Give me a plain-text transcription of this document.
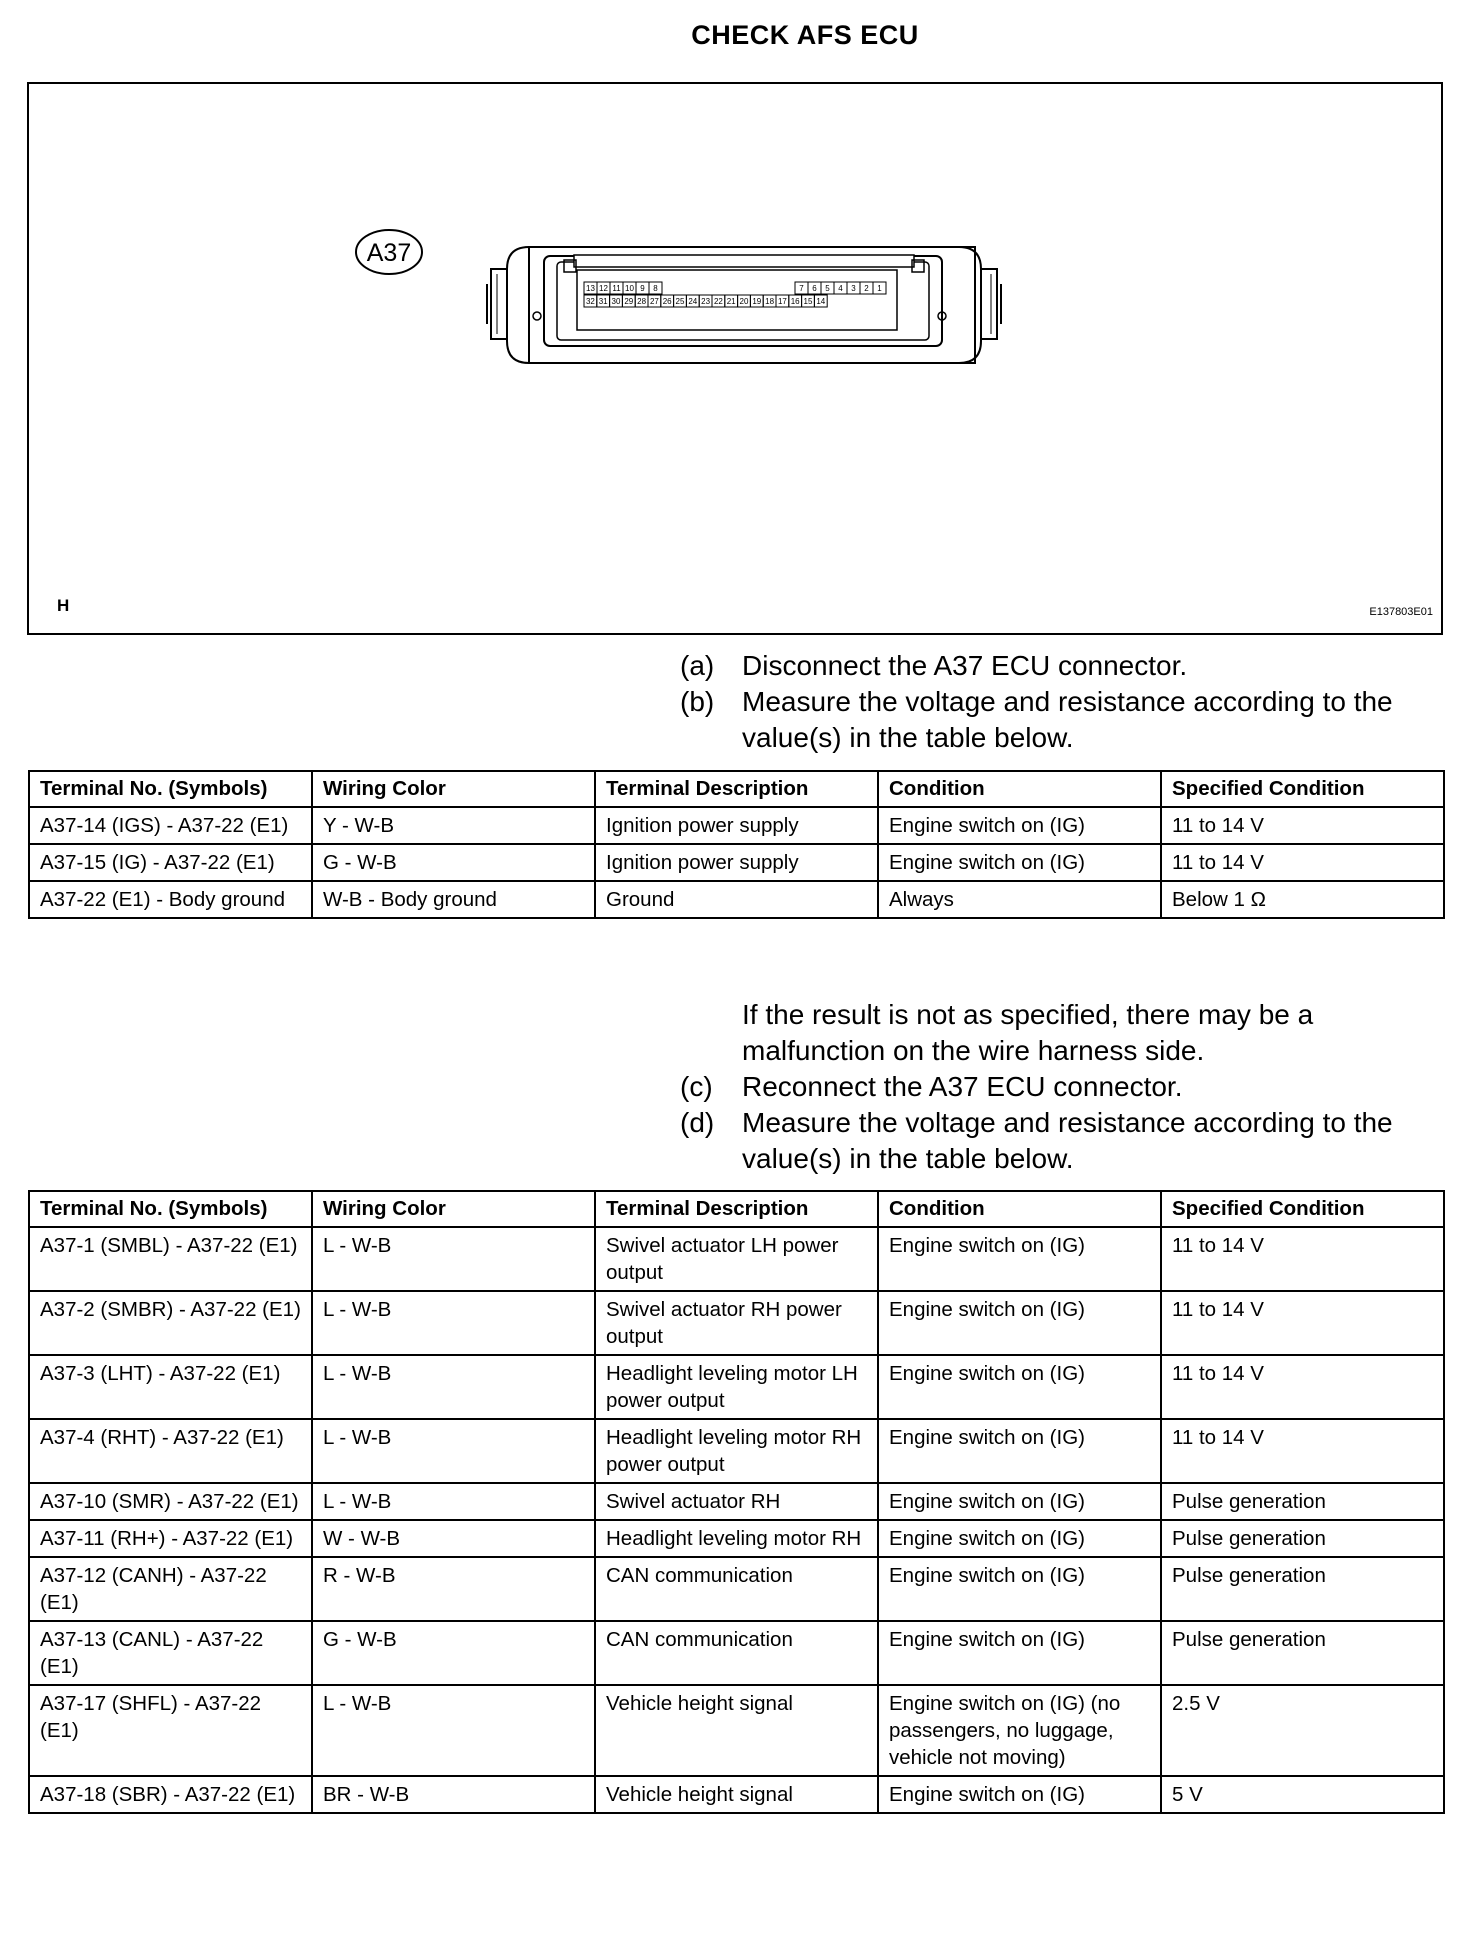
CHECK AFS ECU
A37
13 12 11 10 9 8	7 6 5 4 3 2 1
32 31 30 29 28 27 26 25 24 23 22 21 20 19 18 17 16 15 14
H	E137803E01
(a) Disconnect the A37 ECU connector.
(b) Measure the voltage and resistance according to the value(s) in the table below.
Terminal No. (Symbols)	Wiring Color	Terminal Description	Condition	Specified Condition
A37-14 (IGS) - A37-22 (E1)	Y - W-B	Ignition power supply	Engine switch on (IG)	11 to 14 V
A37-15 (IG) - A37-22 (E1)	G - W-B	Ignition power supply	Engine switch on (IG)	11 to 14 V
A37-22 (E1) - Body ground	W-B - Body ground	Ground	Always	Below 1 Ω
If the result is not as specified, there may be a malfunction on the wire harness side.
(c)	Reconnect the A37 ECU connector.
(d) Measure the voltage and resistance according to the value(s) in the table below.
Terminal No. (Symbols)	Wiring Color	Terminal Description	Condition	Specified Condition
A37-1 (SMBL) - A37-22 (E1)	L - W-B	Swivel actuator LH power output	Engine switch on (IG)	11 to 14 V
A37-2 (SMBR) - A37-22 (E1)	L - W-B	Swivel actuator RH power output	Engine switch on (IG)	11 to 14 V
A37-3 (LHT) - A37-22 (E1)	L - W-B	Headlight leveling motor LH power output	Engine switch on (IG)	11 to 14 V
A37-4 (RHT) - A37-22 (E1)	L - W-B	Headlight leveling motor RH power output	Engine switch on (IG)	11 to 14 V
A37-10 (SMR) - A37-22 (E1)	L - W-B	Swivel actuator RH	Engine switch on (IG)	Pulse generation
A37-11 (RH+) - A37-22 (E1)	W - W-B	Headlight leveling motor RH	Engine switch on (IG)	Pulse generation
A37-12 (CANH) - A37-22 (E1)	R - W-B	CAN communication	Engine switch on (IG)	Pulse generation
A37-13 (CANL) - A37-22 (E1)	G - W-B	CAN communication	Engine switch on (IG)	Pulse generation
A37-17 (SHFL) - A37-22 (E1)	L - W-B	Vehicle height signal	Engine switch on (IG) (no passengers, no luggage, vehicle not moving)	2.5 V
A37-18 (SBR) - A37-22 (E1)	BR - W-B	Vehicle height signal	Engine switch on (IG)	5 V
